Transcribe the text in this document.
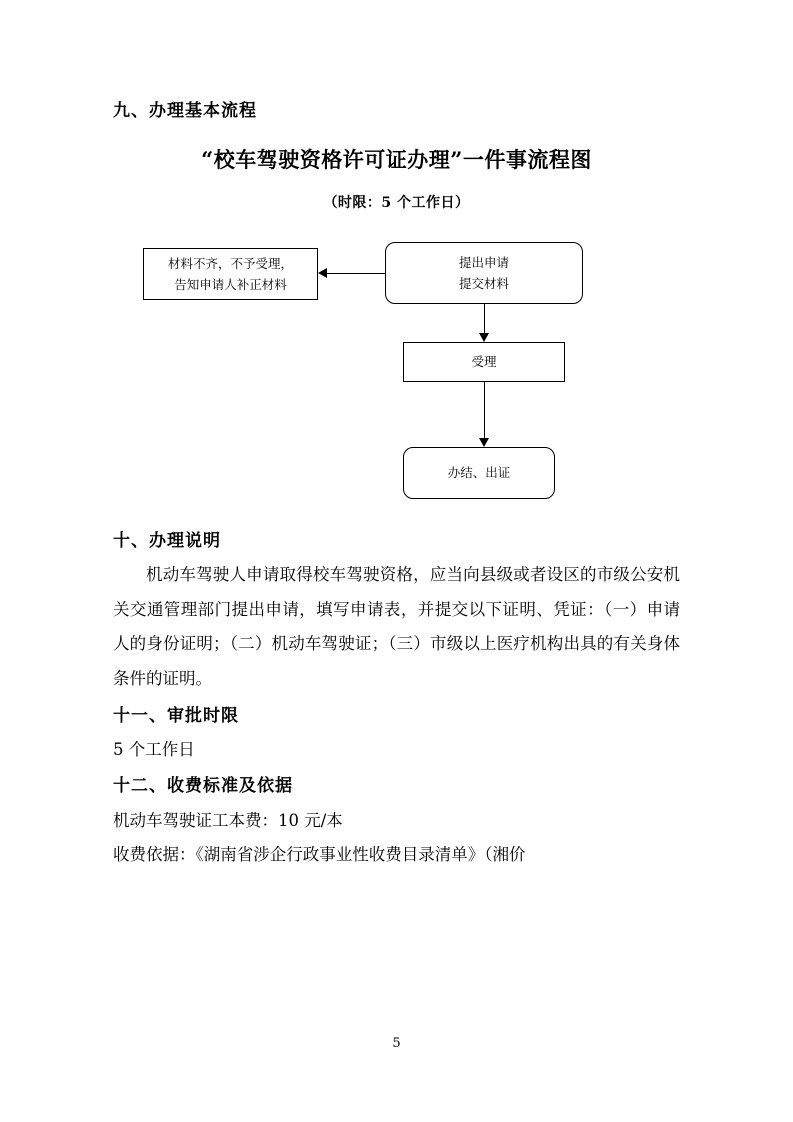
九、办理基本流程
“校车驾驶资格许可证办理”一件事流程图
（时限：5 个工作日）
提出申请
提交材料
材料不齐，不予受理，
告知申请人补正材料
受理
办结、出证
十、办理说明

机动车驾驶人申请取得校车驾驶资格，应当向县级或者设区的市级公安机关交通管理部门提出申请，填写申请表，并提交以下证明、凭证：（一）申请人的身份证明；（二）机动车驾驶证；（三）市级以上医疗机构出具的有关身体条件的证明。

十一、审批时限

5 个工作日

十二、收费标准及依据

机动车驾驶证工本费：10 元/本

收费依据：《湖南省涉企行政事业性收费目录清单》（湘价

5
